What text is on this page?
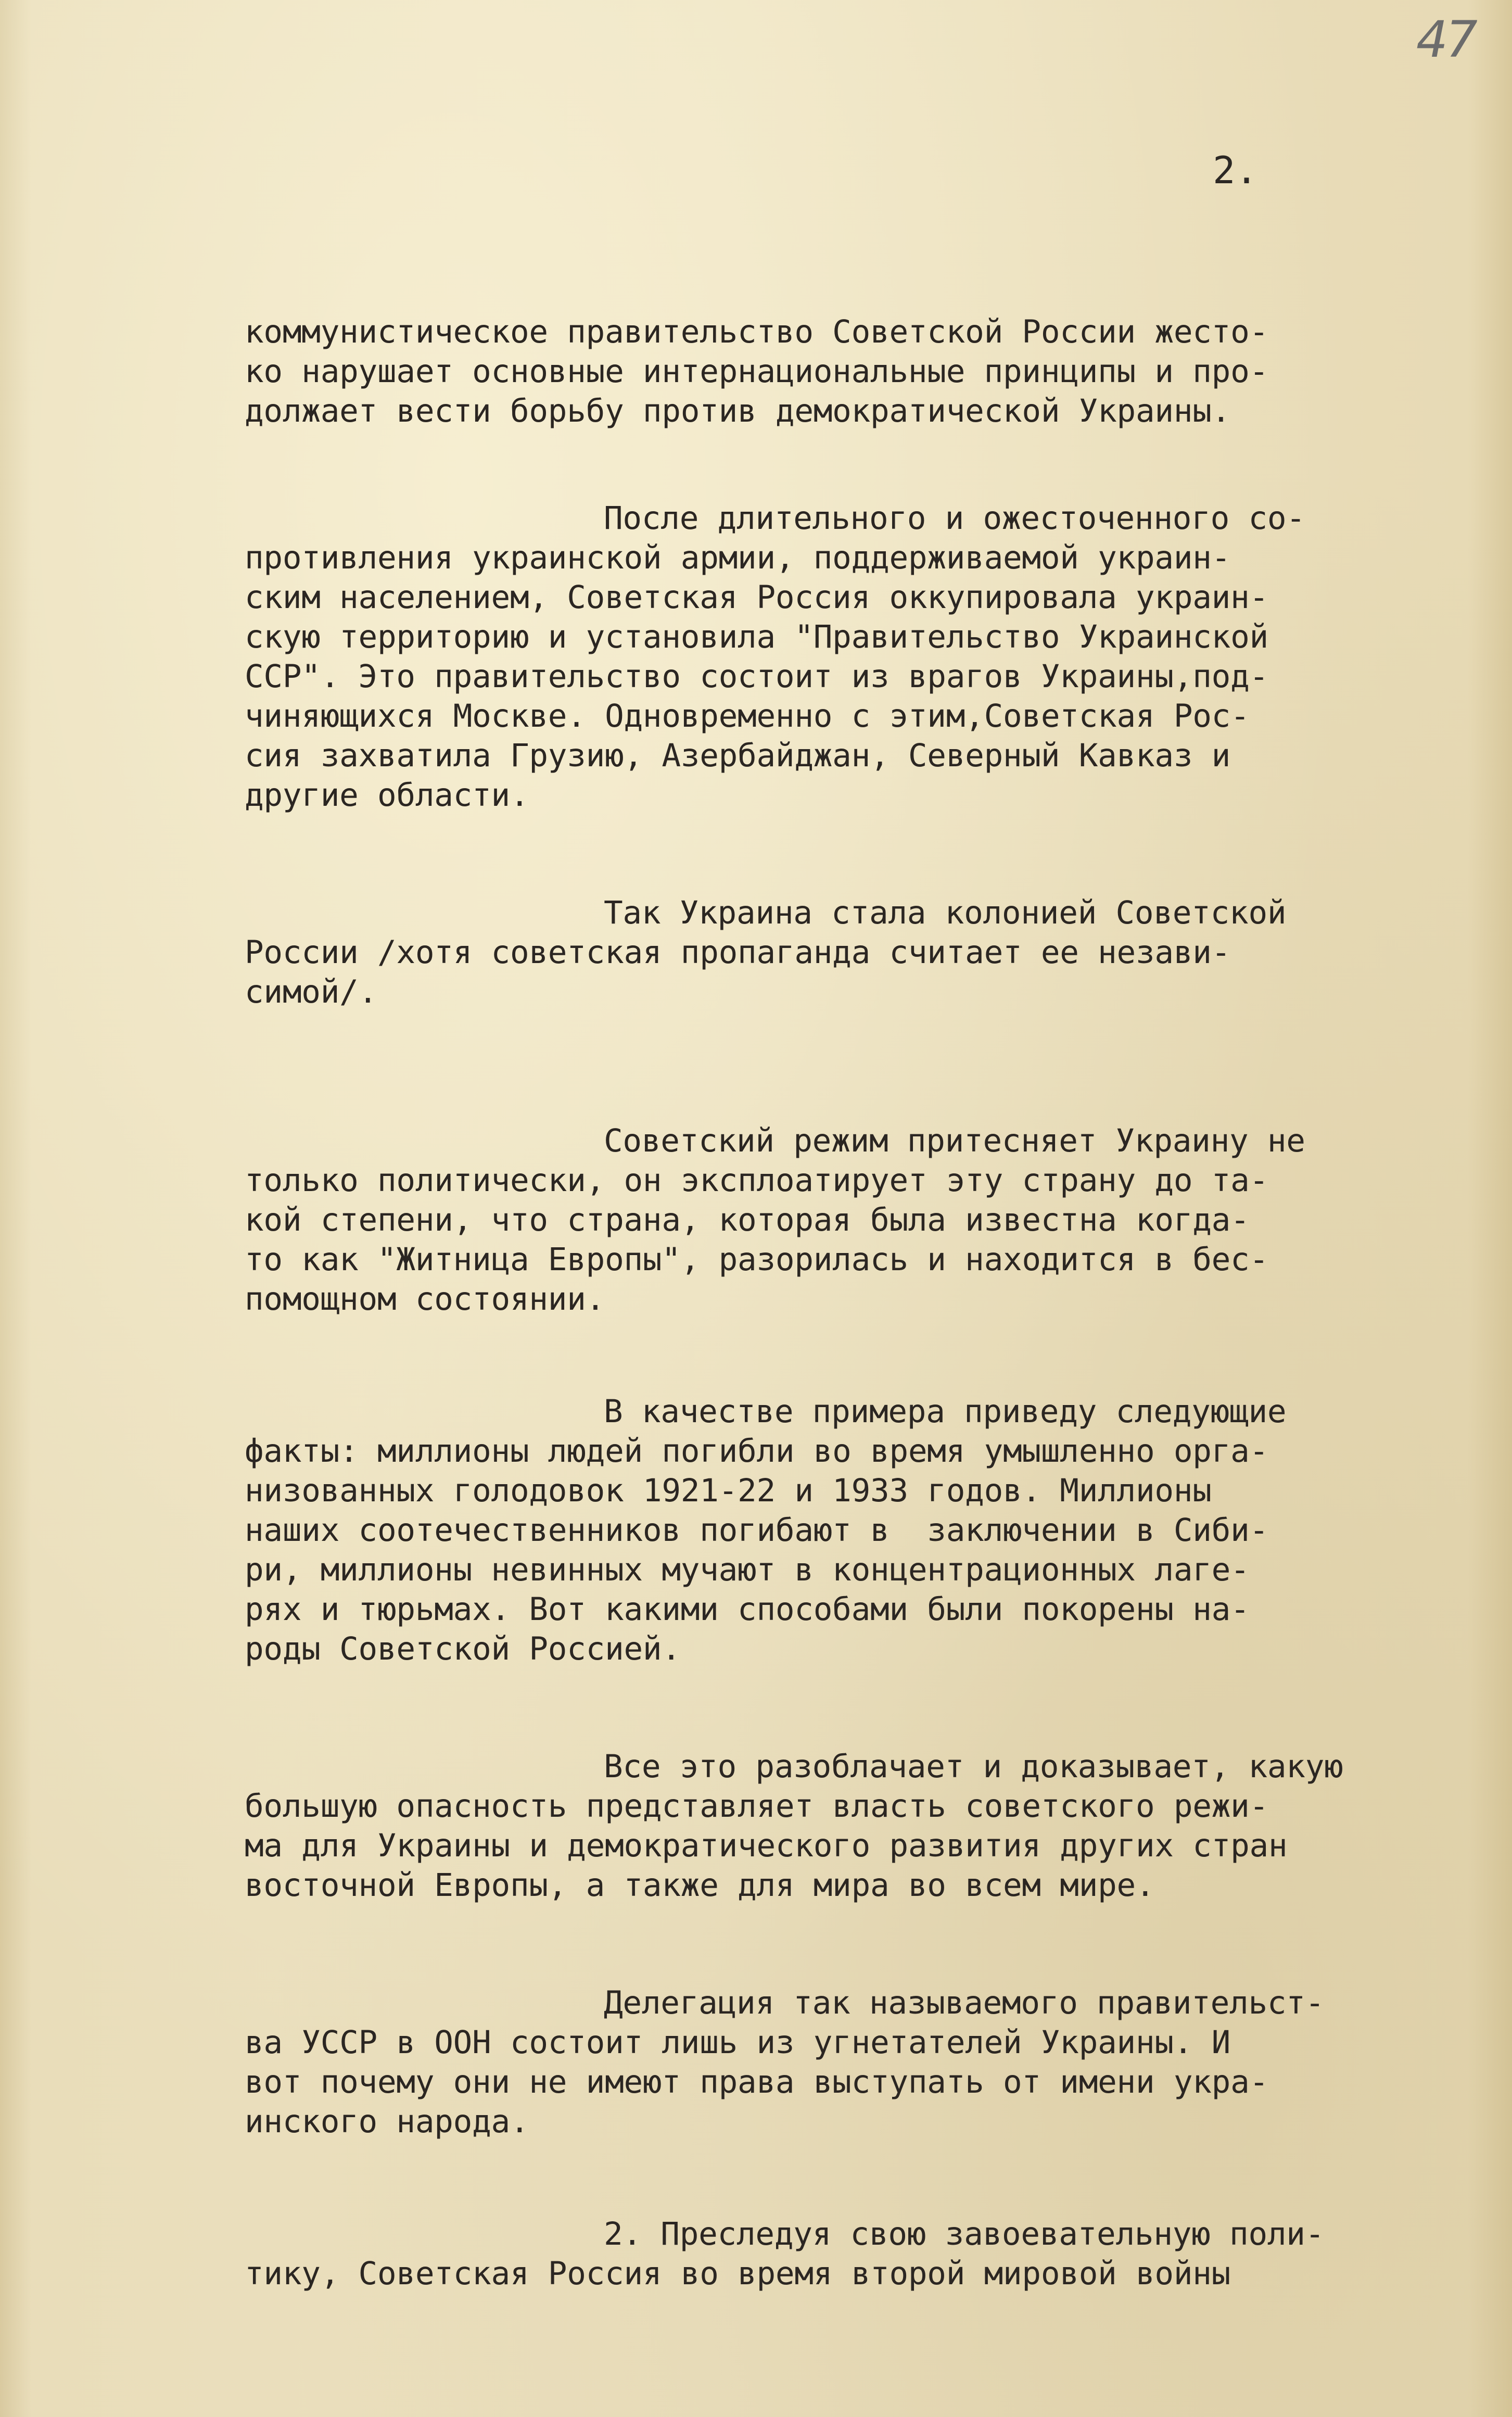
47
2.
коммунистическое правительство Советской России жесто-
ко нарушает основные интернациональные принципы и про-
должает вести борьбу против демократической Украины.
После длительного и ожесточенного со-
противления украинской армии, поддерживаемой украин-
ским населением, Советская Россия оккупировала украин-
скую территорию и установила "Правительство Украинской
ССР". Это правительство состоит из врагов Украины,под-
чиняющихся Москве. Одновременно с этим,Советская Рос-
сия захватила Грузию, Азербайджан, Северный Кавказ и
другие области.
Так Украина стала колонией Советской
России /хотя советская пропаганда считает ее незави-
симой/.
Советский режим притесняет Украину не
только политически, он эксплоатирует эту страну до та-
кой степени, что страна, которая была известна когда-
то как "Житница Европы", разорилась и находится в бес-
помощном состоянии.
В качестве примера приведу следующие
факты: миллионы людей погибли во время умышленно орга-
низованных голодовок 1921-22 и 1933 годов. Миллионы
наших соотечественников погибают в  заключении в Сиби-
ри, миллионы невинных мучают в концентрационных лаге-
рях и тюрьмах. Вот какими способами были покорены на-
роды Советской Россией.
Все это разоблачает и доказывает, какую
большую опасность представляет власть советского режи-
ма для Украины и демократического развития других стран
восточной Европы, а также для мира во всем мире.
Делегация так называемого правительст-
ва УССР в ООН состоит лишь из угнетателей Украины. И
вот почему они не имеют права выступать от имени укра-
инского народа.
2. Преследуя свою завоевательную поли-
тику, Советская Россия во время второй мировой войны
